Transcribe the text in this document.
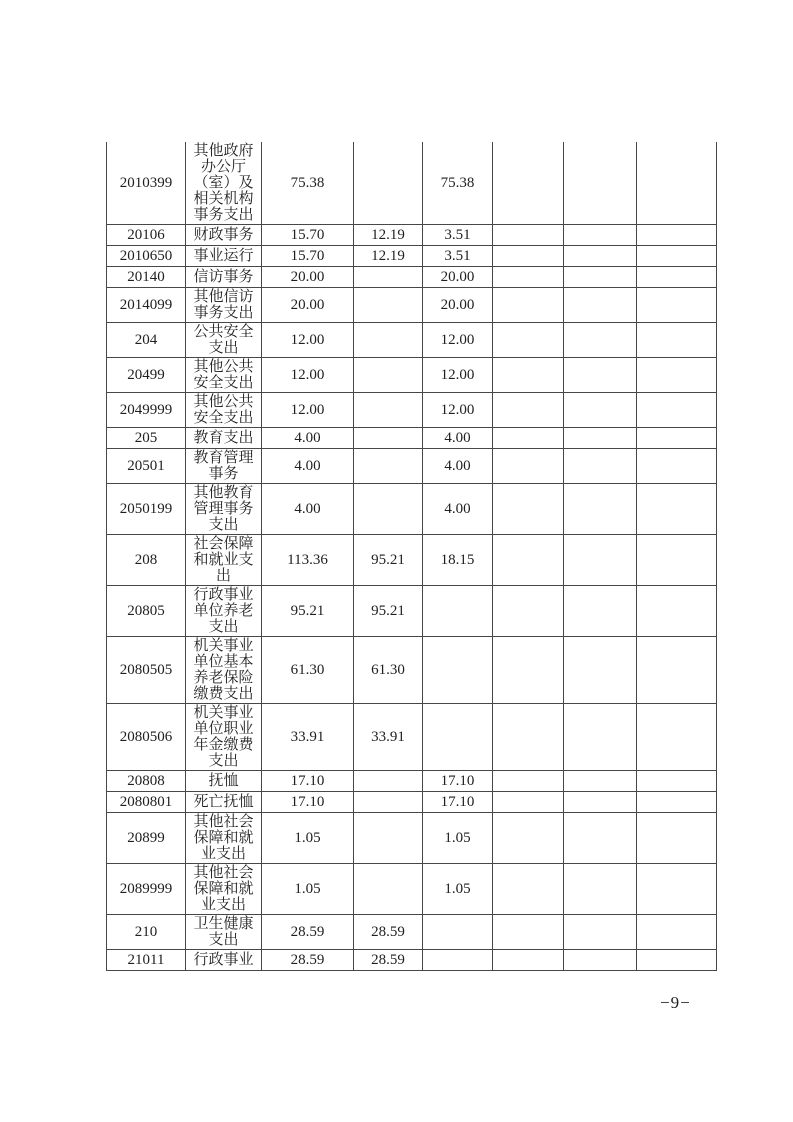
2010399	其他政府办公厅（室）及相关机构事务支出	75.38		75.38			
20106	财政事务	15.70	12.19	3.51			
2010650	事业运行	15.70	12.19	3.51			
20140	信访事务	20.00		20.00			
2014099	其他信访事务支出	20.00		20.00			
204	公共安全支出	12.00		12.00			
20499	其他公共安全支出	12.00		12.00			
2049999	其他公共安全支出	12.00		12.00			
205	教育支出	4.00		4.00			
20501	教育管理事务	4.00		4.00			
2050199	其他教育管理事务支出	4.00		4.00			
208	社会保障和就业支出	113.36	95.21	18.15			
20805	行政事业单位养老支出	95.21	95.21				
2080505	机关事业单位基本养老保险缴费支出	61.30	61.30				
2080506	机关事业单位职业年金缴费支出	33.91	33.91				
20808	抚恤	17.10		17.10			
2080801	死亡抚恤	17.10		17.10			
20899	其他社会保障和就业支出	1.05		1.05			
2089999	其他社会保障和就业支出	1.05		1.05			
210	卫生健康支出	28.59	28.59				
21011	行政事业	28.59	28.59				
−9−
